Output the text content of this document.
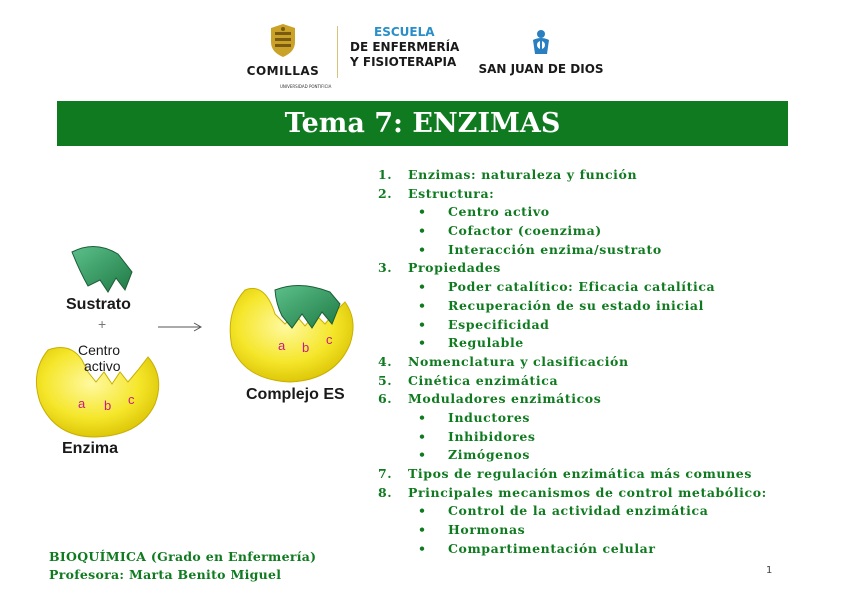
COMILLAS
UNIVERSIDAD PONTIFICIA
ESCUELA
DE ENFERMERÍA
Y FISIOTERAPIA	SAN JUAN DE DIOS
Tema 7: ENZIMAS
Sustrato
+
Centro
activo
a b c
Enzima
a b
c
Complejo ES
1.	Enzimas: naturaleza y función
2.	Estructura:
•	Centro activo
•	Cofactor (coenzima)
•	Interacción enzima/sustrato
3.	Propiedades
•	Poder catalítico: Eficacia catalítica
•	Recuperación de su estado inicial
•	Especificidad
•	Regulable
4.	Nomenclatura y clasificación
5.	Cinética enzimática
6.	Moduladores enzimáticos
•	Inductores
•	Inhibidores
•	Zimógenos
7.	Tipos de regulación enzimática más comunes
8.	Principales mecanismos de control metabólico:
•	Control de la actividad enzimática
•	Hormonas
•	Compartimentación celular
BIOQUÍMICA (Grado en Enfermería)
Profesora: Marta Benito Miguel	1
